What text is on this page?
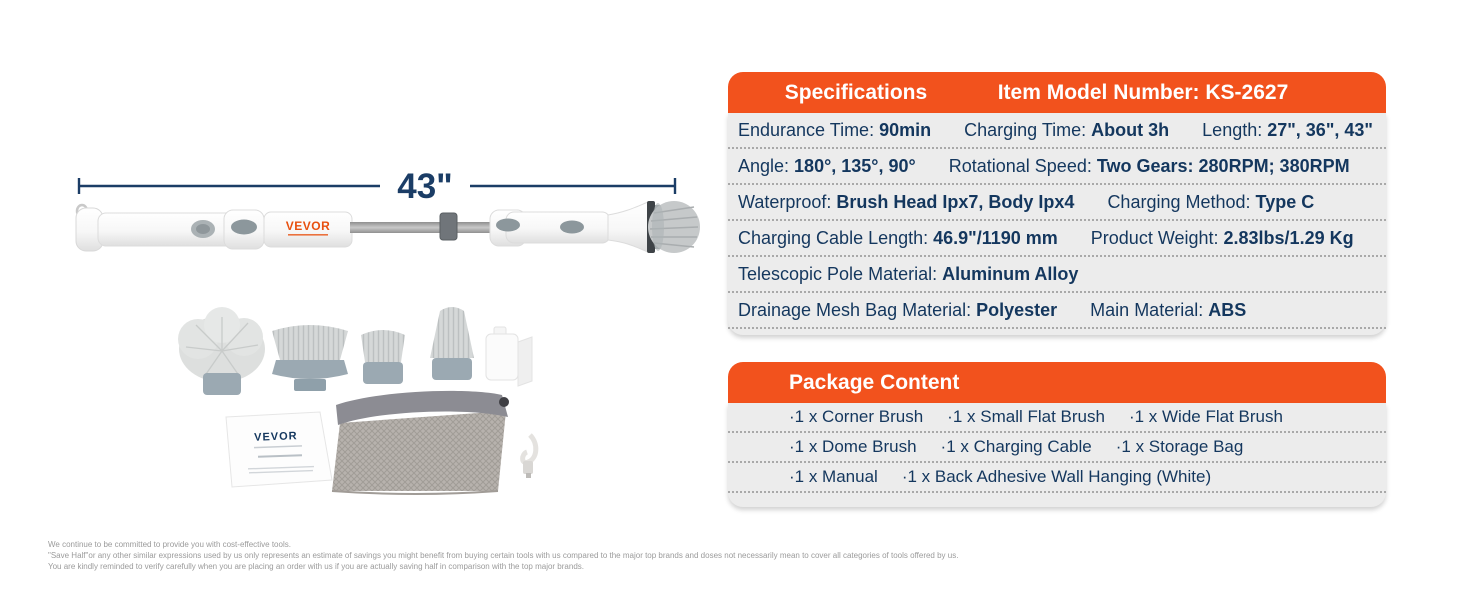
43"
VEVOR
VEVOR
Specifications	Item Model Number: KS-2627
Endurance Time: 90min Charging Time: About 3h Length: 27", 36", 43"
Angle: 180°, 135°, 90° Rotational Speed: Two Gears: 280RPM; 380RPM
Waterproof: Brush Head Ipx7, Body Ipx4 Charging Method: Type C
Charging Cable Length: 46.9"/1190 mm Product Weight: 2.83lbs/1.29 Kg
Telescopic Pole Material: Aluminum Alloy
Drainage Mesh Bag Material: Polyester Main Material: ABS
Package Content
·1 x Corner Brush ·1 x Small Flat Brush ·1 x Wide Flat Brush
·1 x Dome Brush ·1 x Charging Cable ·1 x Storage Bag
·1 x Manual ·1 x Back Adhesive Wall Hanging (White)
We continue to be committed to provide you with cost-effective tools.
"Save Half"or any other similar expressions used by us only represents an estimate of savings you might benefit from buying certain tools with us compared to the major top brands and doses not necessarily mean to cover all categories of tools offered by us.
You are kindly reminded to verify carefully when you are placing an order with us if you are actually saving half in comparison with the top major brands.
